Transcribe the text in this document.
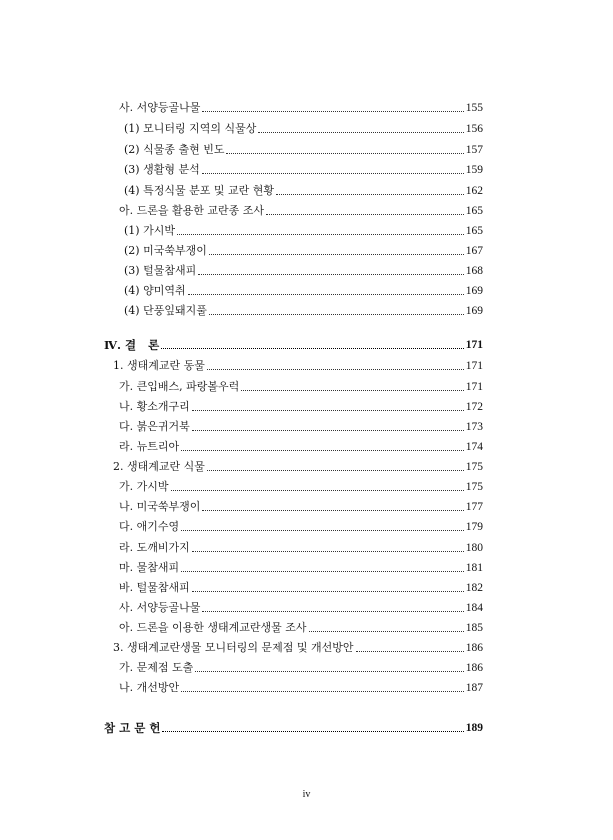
사. 서양등골나물	155
(1) 모니터링 지역의 식물상	156
(2) 식물종 출현 빈도	157
(3) 생활형 분석	159
(4) 특정식물 분포 및 교란 현황	162
아. 드론을 활용한 교란종 조사	165
(1) 가시박	165
(2) 미국쑥부쟁이	167
(3) 털물참새피	168
(4) 양미역취	169
(4) 단풍잎돼지풀	169
Ⅳ. 결   론	171
1. 생태계교란 동물	171
가. 큰입배스, 파랑볼우럭	171
나. 황소개구리	172
다. 붉은귀거북	173
라. 뉴트리아	174
2. 생태계교란 식물	175
가. 가시박	175
나. 미국쑥부쟁이	177
다. 애기수영	179
라. 도깨비가지	180
마. 물참새피	181
바. 털물참새피	182
사. 서양등골나물	184
아. 드론을 이용한 생태계교란생물 조사	185
3. 생태계교란생물 모니터링의 문제점 및 개선방안	186
가. 문제점 도출	186
나. 개선방안	187
참 고 문 헌	189
iv
